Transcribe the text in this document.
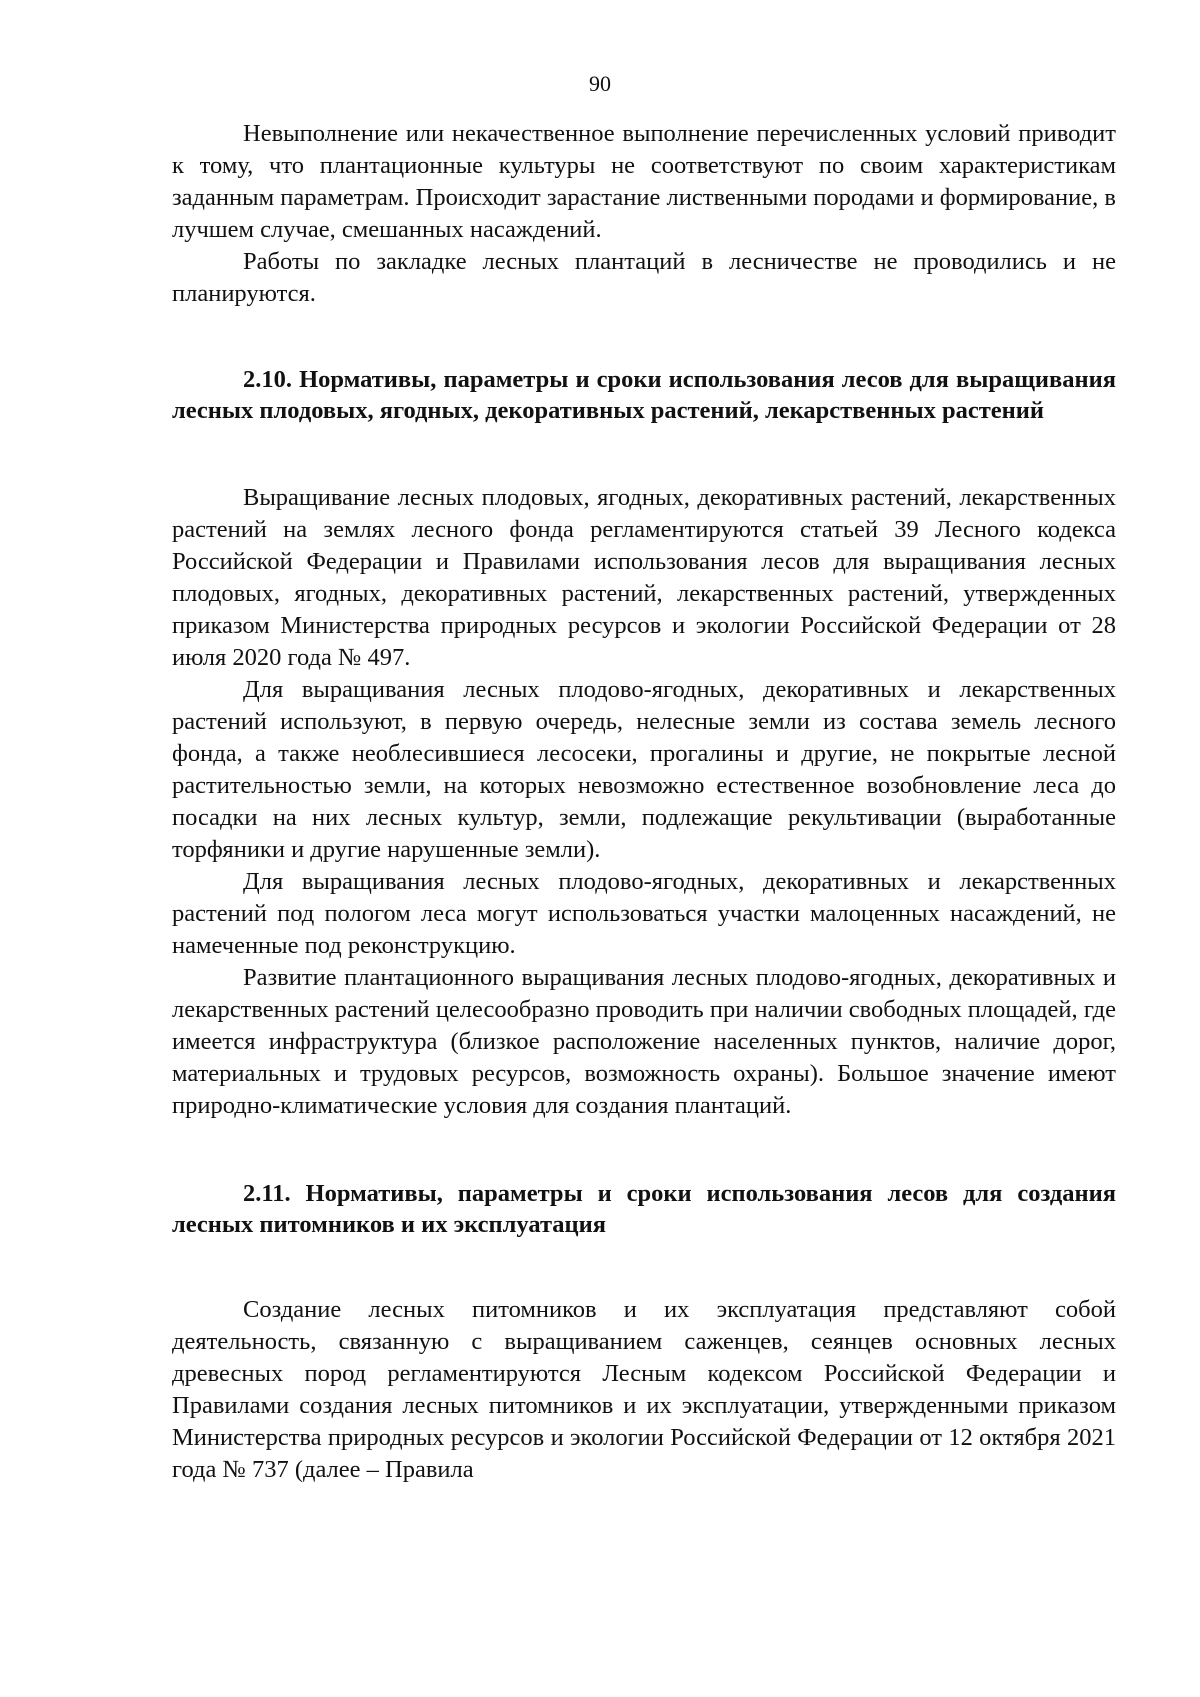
90

Невыполнение или некачественное выполнение перечисленных условий приводит к тому, что плантационные культуры не соответствуют по своим характеристикам заданным параметрам. Происходит зарастание лиственными породами и формирование, в лучшем случае, смешанных насаждений.

Работы по закладке лесных плантаций в лесничестве не проводились и не планируются.

2.10. Нормативы, параметры и сроки использования лесов для выращивания лесных плодовых, ягодных, декоративных растений, лекарственных растений

Выращивание лесных плодовых, ягодных, декоративных растений, лекарственных растений на землях лесного фонда регламентируются статьей 39 Лесного кодекса Российской Федерации и Правилами использования лесов для выращивания лесных плодовых, ягодных, декоративных растений, лекарственных растений, утвержденных приказом Министерства природных ресурсов и экологии Российской Федерации от 28 июля 2020 года № 497.

Для выращивания лесных плодово-ягодных, декоративных и лекарственных растений используют, в первую очередь, нелесные земли из состава земель лесного фонда, а также необлесившиеся лесосеки, прогалины и другие, не покрытые лесной растительностью земли, на которых невозможно естественное возобновление леса до посадки на них лесных культур, земли, подлежащие рекультивации (выработанные торфяники и другие нарушенные земли).

Для выращивания лесных плодово-ягодных, декоративных и лекарственных растений под пологом леса могут использоваться участки малоценных насаждений, не намеченные под реконструкцию.

Развитие плантационного выращивания лесных плодово-ягодных, декоративных и лекарственных растений целесообразно проводить при наличии свободных площадей, где имеется инфраструктура (близкое расположение населенных пунктов, наличие дорог, материальных и трудовых ресурсов, возможность охраны). Большое значение имеют природно-климатические условия для создания плантаций.

2.11. Нормативы, параметры и сроки использования лесов для создания лесных питомников и их эксплуатация

Создание лесных питомников и их эксплуатация представляют собой деятельность, связанную с выращиванием саженцев, сеянцев основных лесных древесных пород регламентируются Лесным кодексом Российской Федерации и Правилами создания лесных питомников и их эксплуатации, утвержденными приказом Министерства природных ресурсов и экологии Российской Федерации от 12 октября 2021 года № 737 (далее – Правила
